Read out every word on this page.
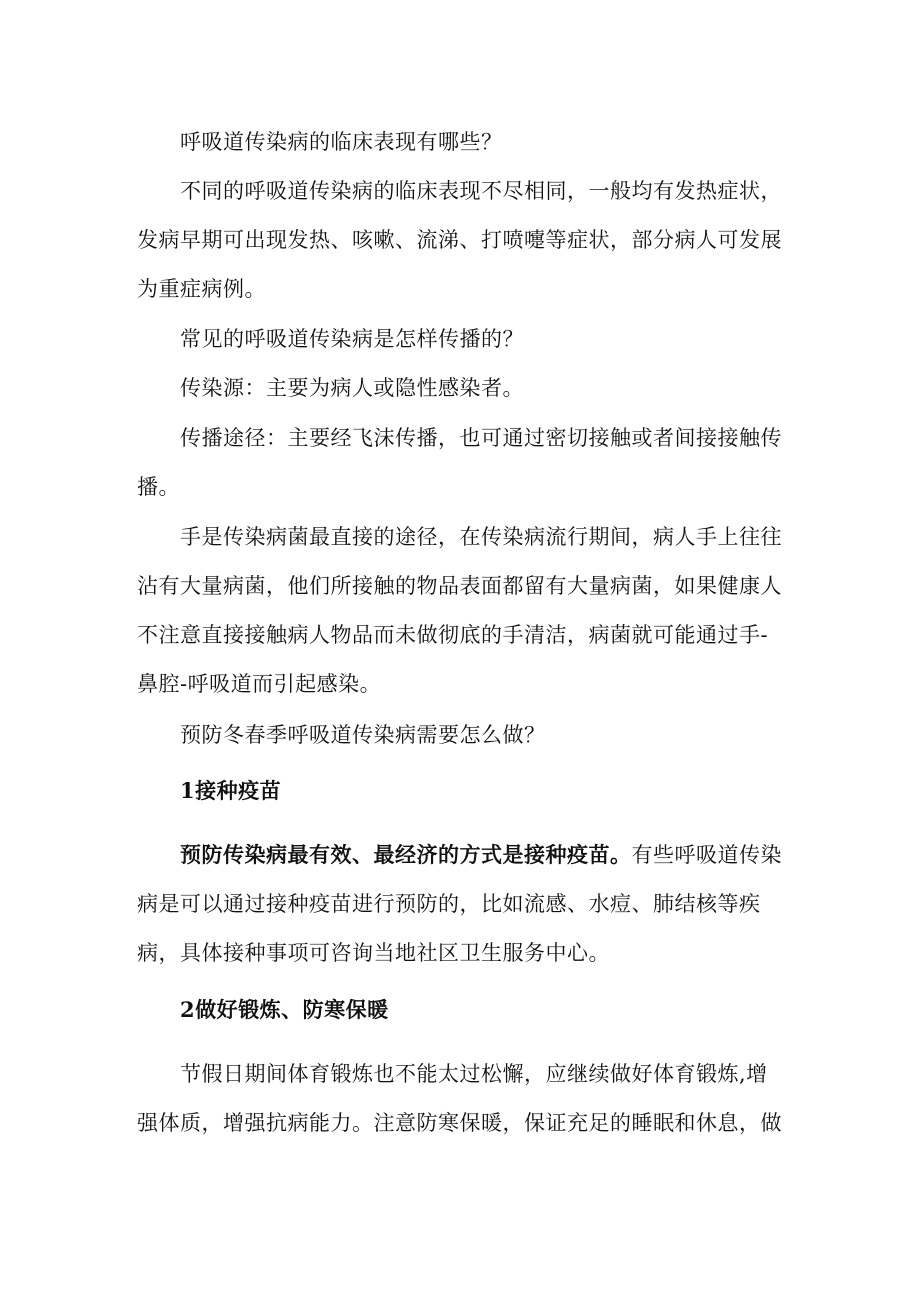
呼吸道传染病的临床表现有哪些？

不同的呼吸道传染病的临床表现不尽相同，一般均有发热症状，发病早期可出现发热、咳嗽、流涕、打喷嚏等症状，部分病人可发展为重症病例。

常见的呼吸道传染病是怎样传播的？

传染源：主要为病人或隐性感染者。

传播途径：主要经飞沫传播，也可通过密切接触或者间接接触传播。

手是传染病菌最直接的途径，在传染病流行期间，病人手上往往沾有大量病菌，他们所接触的物品表面都留有大量病菌，如果健康人不注意直接接触病人物品而未做彻底的手清洁，病菌就可能通过手-鼻腔-呼吸道而引起感染。

预防冬春季呼吸道传染病需要怎么做？

1接种疫苗

预防传染病最有效、最经济的方式是接种疫苗。有些呼吸道传染病是可以通过接种疫苗进行预防的，比如流感、水痘、肺结核等疾病，具体接种事项可咨询当地社区卫生服务中心。

2做好锻炼、防寒保暖

节假日期间体育锻炼也不能太过松懈，应继续做好体育锻炼,增强体质，增强抗病能力。注意防寒保暖，保证充足的睡眠和休息，做
